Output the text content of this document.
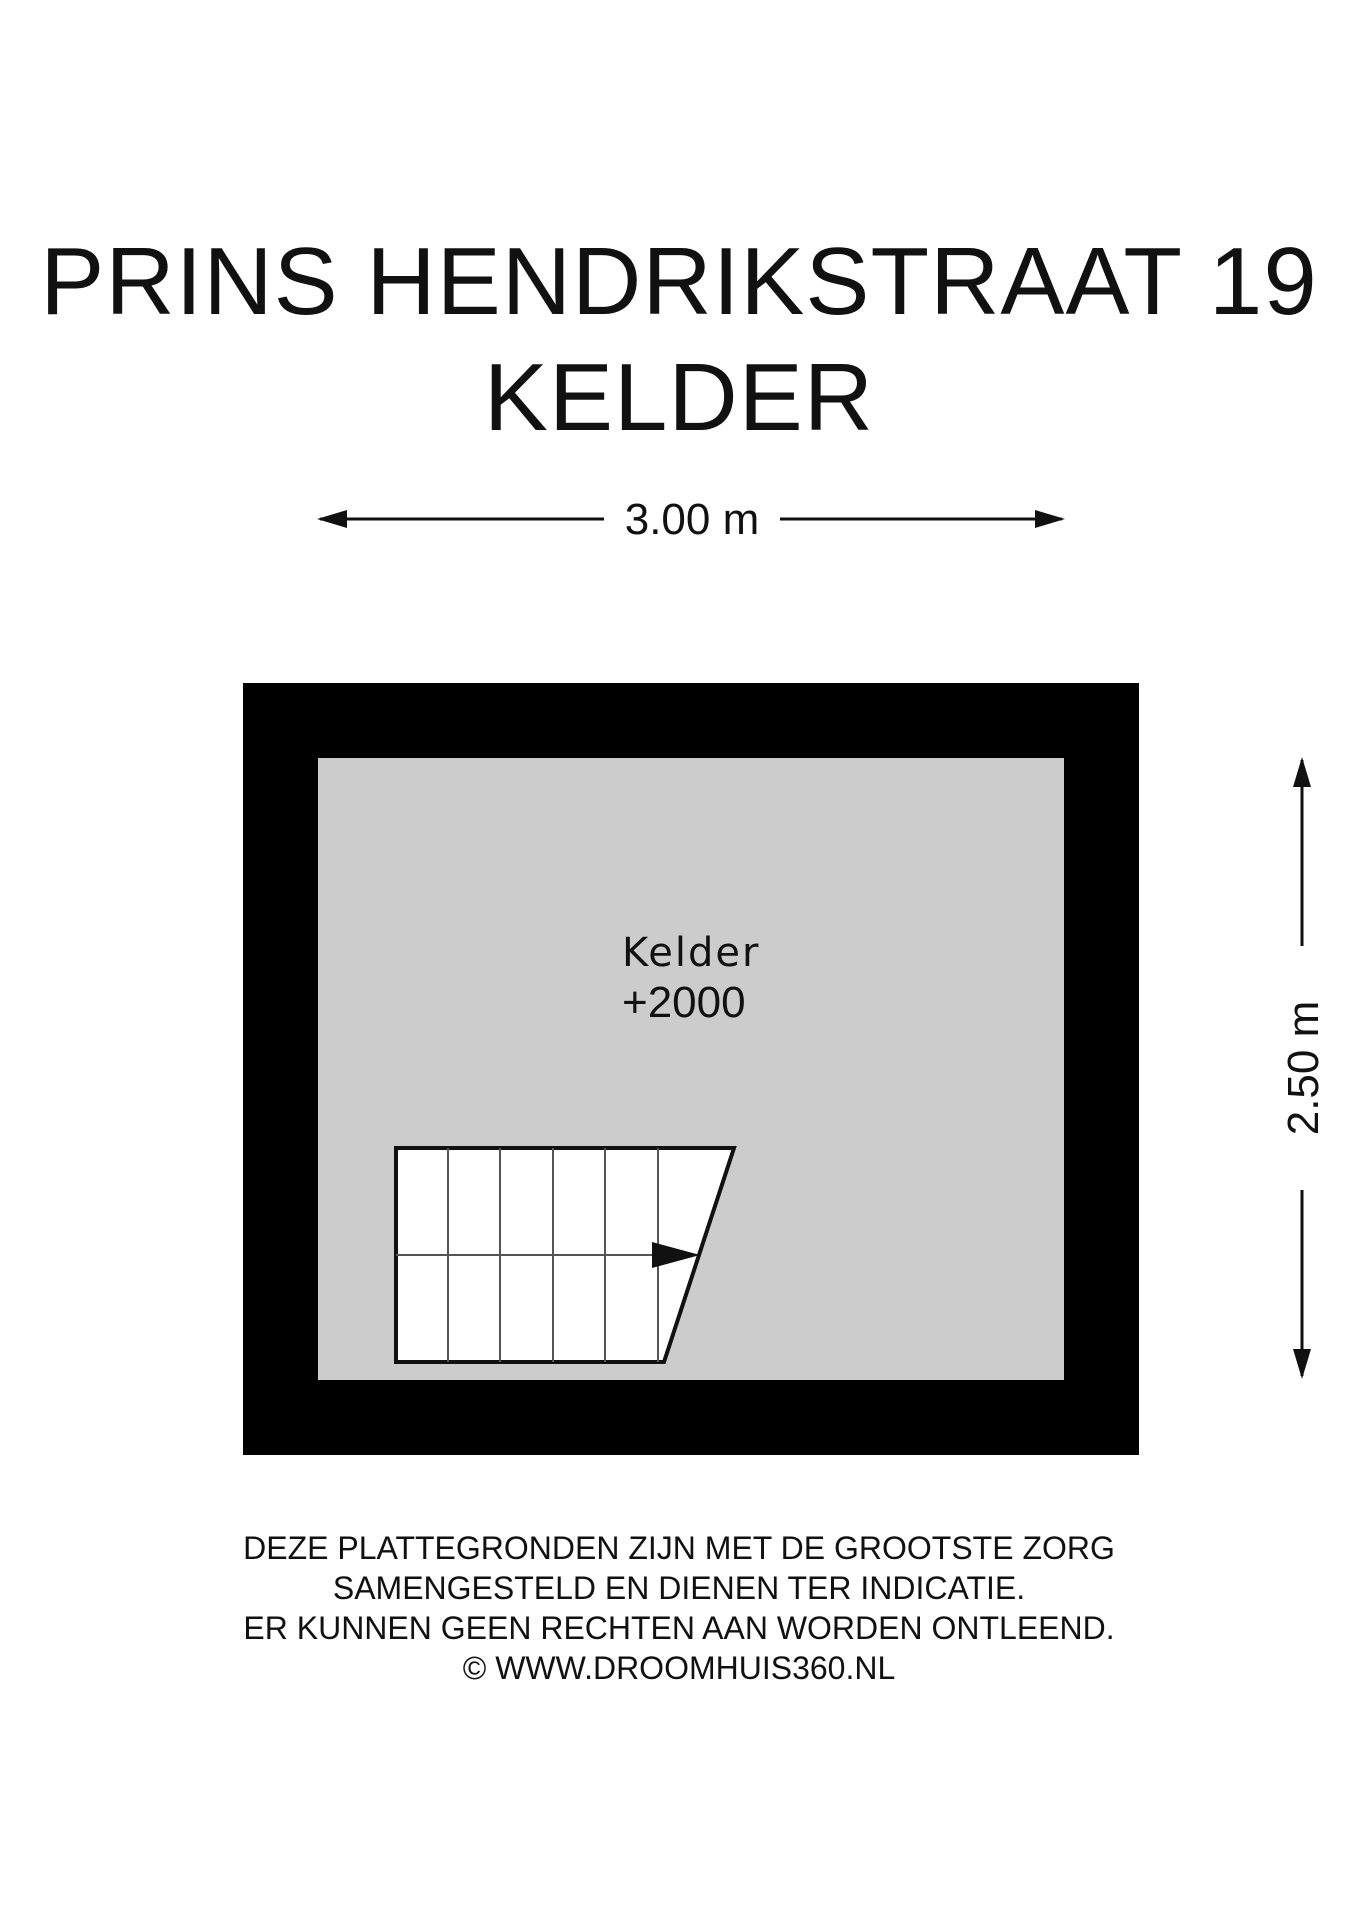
PRINS HENDRIKSTRAAT 19
KELDER
3.00 m
2.50 m
Kelder
+2000
DEZE PLATTEGRONDEN ZIJN MET DE GROOTSTE ZORG
SAMENGESTELD EN DIENEN TER INDICATIE.
ER KUNNEN GEEN RECHTEN AAN WORDEN ONTLEEND.
© WWW.DROOMHUIS360.NL
